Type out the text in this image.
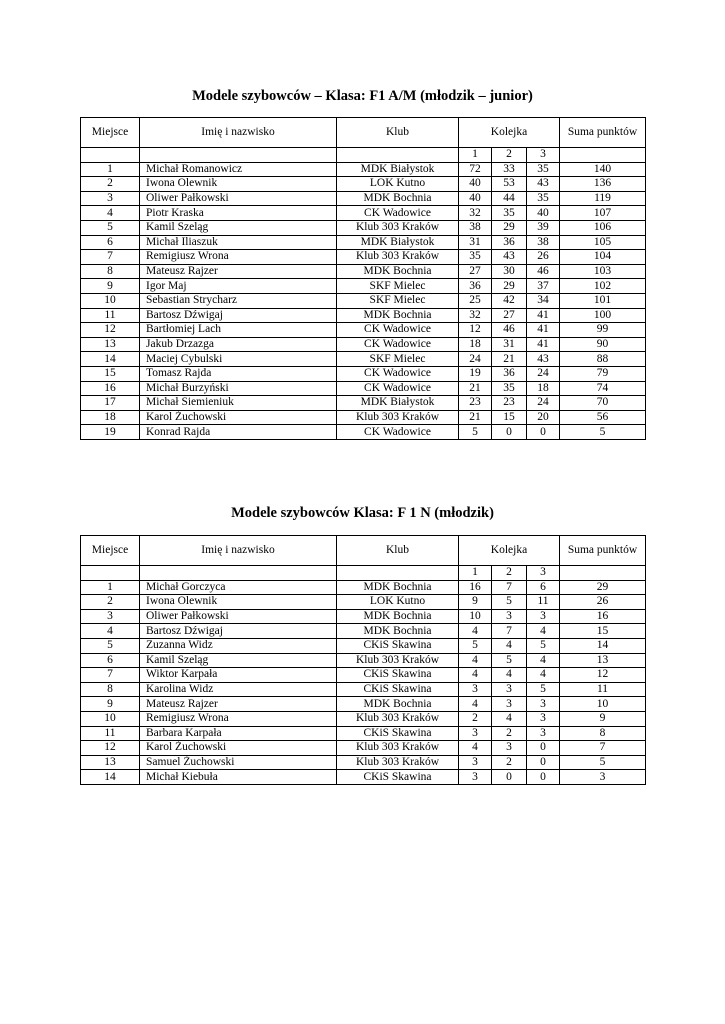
Modele szybowców – Klasa: F1 A/M (młodzik – junior)
Miejsce	Imię i nazwisko	Klub	Kolejka			Suma punktów
			1	2	3	
1	Michał Romanowicz	MDK Białystok	72	33	35	140
2	Iwona Olewnik	LOK Kutno	40	53	43	136
3	Oliwer Pałkowski	MDK Bochnia	40	44	35	119
4	Piotr Kraska	CK Wadowice	32	35	40	107
5	Kamil Szeląg	Klub 303 Kraków	38	29	39	106
6	Michał Iliaszuk	MDK Białystok	31	36	38	105
7	Remigiusz Wrona	Klub 303 Kraków	35	43	26	104
8	Mateusz Rajzer	MDK Bochnia	27	30	46	103
9	Igor Maj	SKF Mielec	36	29	37	102
10	Sebastian Strycharz	SKF Mielec	25	42	34	101
11	Bartosz Dźwigaj	MDK Bochnia	32	27	41	100
12	Bartłomiej Lach	CK Wadowice	12	46	41	99
13	Jakub Drzazga	CK Wadowice	18	31	41	90
14	Maciej Cybulski	SKF Mielec	24	21	43	88
15	Tomasz Rajda	CK Wadowice	19	36	24	79
16	Michał Burzyński	CK Wadowice	21	35	18	74
17	Michał Siemieniuk	MDK Białystok	23	23	24	70
18	Karol Żuchowski	Klub 303 Kraków	21	15	20	56
19	Konrad Rajda	CK Wadowice	5	0	0	5
Modele szybowców Klasa: F 1 N (młodzik)
Miejsce	Imię i nazwisko	Klub	Kolejka			Suma punktów
			1	2	3	
1	Michał Gorczyca	MDK Bochnia	16	7	6	29
2	Iwona Olewnik	LOK Kutno	9	5	11	26
3	Oliwer Pałkowski	MDK Bochnia	10	3	3	16
4	Bartosz Dźwigaj	MDK Bochnia	4	7	4	15
5	Zuzanna Widz	CKiS Skawina	5	4	5	14
6	Kamil Szeląg	Klub 303 Kraków	4	5	4	13
7	Wiktor Karpała	CKiS Skawina	4	4	4	12
8	Karolina Widz	CKiS Skawina	3	3	5	11
9	Mateusz Rajzer	MDK Bochnia	4	3	3	10
10	Remigiusz Wrona	Klub 303 Kraków	2	4	3	9
11	Barbara Karpała	CKiS Skawina	3	2	3	8
12	Karol Żuchowski	Klub 303 Kraków	4	3	0	7
13	Samuel Żuchowski	Klub 303 Kraków	3	2	0	5
14	Michał Kiebuła	CKiS Skawina	3	0	0	3
